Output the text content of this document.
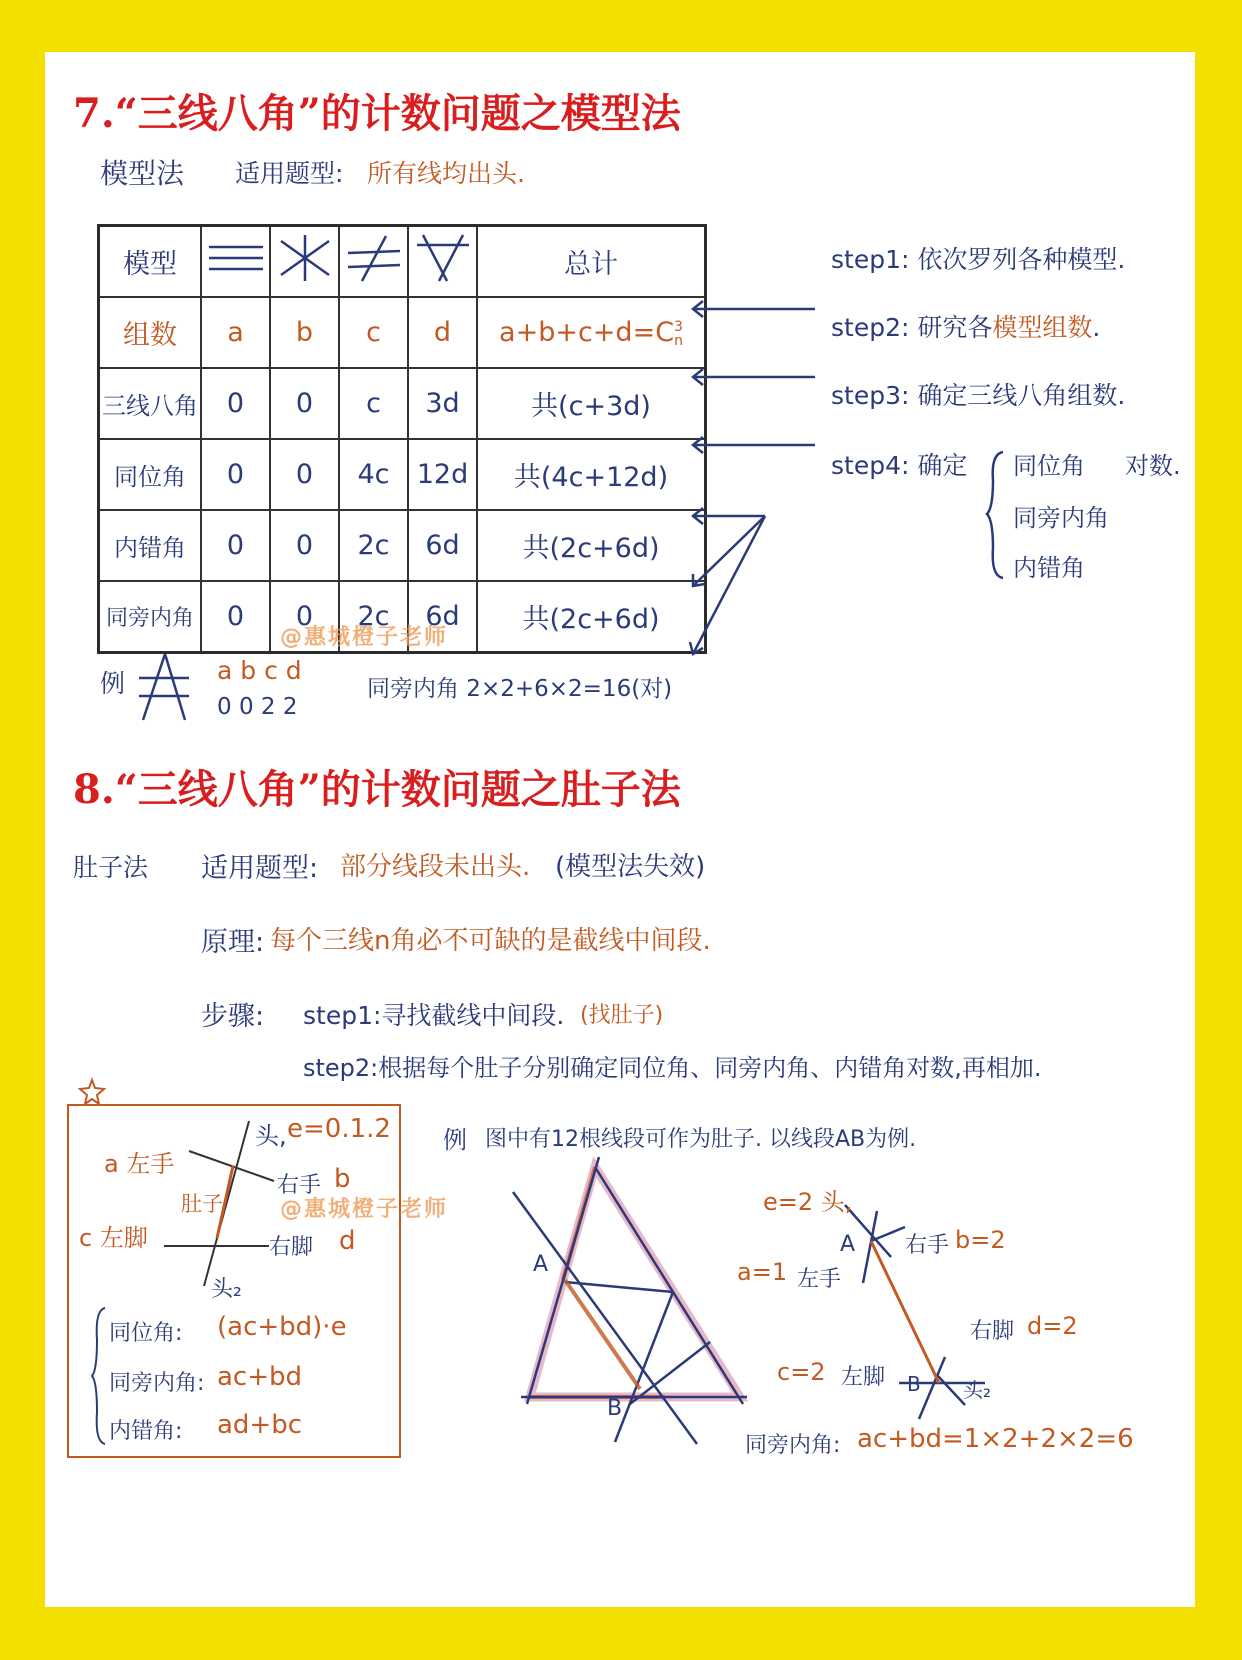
7.“三线八角”的计数问题之模型法
模型法 适用题型: 所有线均出头.
模型					总计
组数	a	b	c	d	a+b+c+d=C 3
n

三线八角	0	0	c	3d	共(c+3d)
同位角	0	0	4c	12d	共(4c+12d)
内错角	0	0	2c	6d	共(2c+6d)
同旁内角	0	0	2c	6d	共(2c+6d)
step1: 依次罗列各种模型.
step2: 研究各模型组数.
step3: 确定三线八角组数.
step4: 确定 同位角
同旁内角
内错角
对数.
@惠城橙子老师
例	a b c d
0 0 2 2
同旁内角 2×2+6×2=16(对)
8.“三线八角”的计数问题之肚子法
肚子法 适用题型: 部分线段未出头. (模型法失效)
原理: 每个三线n角必不可缺的是截线中间段.
步骤: step1:寻找截线中间段. (找肚子)
step2:根据每个肚子分别确定同位角、同旁内角、内错角对数,再相加.
a 左手
头, e=0.1.2
右手 b
肚子
c 左脚	右脚 d
头₂
同位角: (ac+bd)·e
同旁内角: ac+bd
内错角: ad+bc
@惠城橙子老师
例 图中有12根线段可作为肚子. 以线段AB为例.
A
B
e=2 头,
A 右手 b=2
a=1 左手
右脚 d=2
c=2 左脚 B 头₂
同旁内角: ac+bd=1×2+2×2=6
